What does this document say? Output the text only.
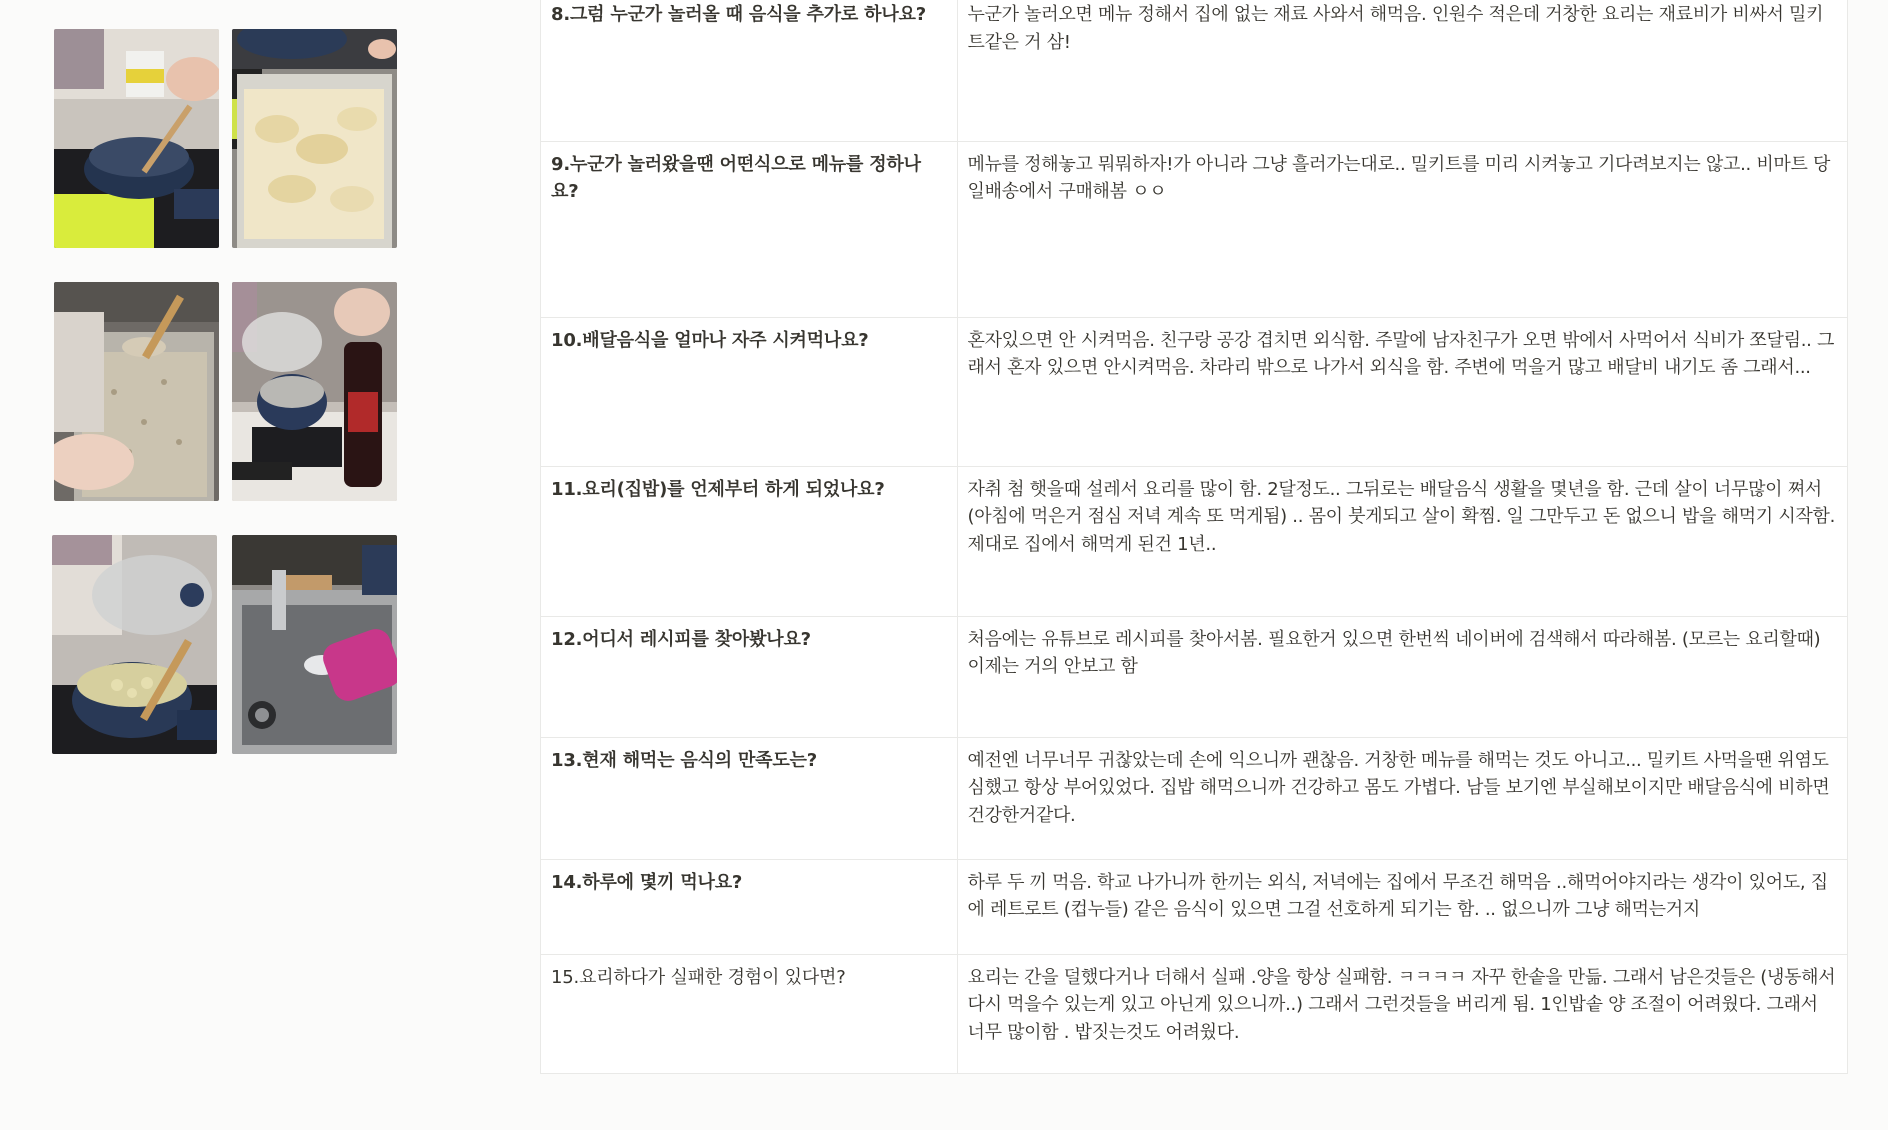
8.그럼 누군가 놀러올 때 음식을 추가로 하나요?	누군가 놀러오면 메뉴 정해서 집에 없는 재료 사와서 해먹음. 인원수 적은데 거창한 요리는 재료비가 비싸서 밀키트같은 거 삼!

9.누군가 놀러왔을땐 어떤식으로 메뉴를 정하나요?	메뉴를 정해놓고 뭐뭐하자!가 아니라 그냥 흘러가는대로.. 밀키트를 미리 시켜놓고 기다려보지는 않고.. 비마트 당일배송에서 구매해봄 ㅇㅇ

10.배달음식을 얼마나 자주 시켜먹나요?	혼자있으면 안 시켜먹음. 친구랑 공강 겹치면 외식함. 주말에 남자친구가 오면 밖에서 사먹어서 식비가 쪼달림.. 그래서 혼자 있으면 안시켜먹음. 차라리 밖으로 나가서 외식을 함. 주변에 먹을거 많고 배달비 내기도 좀 그래서...

11.요리(집밥)를 언제부터 하게 되었나요?	자취 첨 햇을때 설레서 요리를 많이 함. 2달정도.. 그뒤로는 배달음식 생활을 몇년을 함. 근데 살이 너무많이 쪄서 (아침에 먹은거 점심 저녁 계속 또 먹게됨) .. 몸이 붓게되고 살이 확찜. 일 그만두고 돈 없으니 밥을 해먹기 시작함. 제대로 집에서 해먹게 된건 1년..

12.어디서 레시피를 찾아봤나요?	처음에는 유튜브로 레시피를 찾아서봄. 필요한거 있으면 한번씩 네이버에 검색해서 따라해봄. (모르는 요리할때) 이제는 거의 안보고 함

13.현재 해먹는 음식의 만족도는?	예전엔 너무너무 귀찮았는데 손에 익으니까 괜찮음. 거창한 메뉴를 해먹는 것도 아니고... 밀키트 사먹을땐 위염도 심했고 항상 부어있었다. 집밥 해먹으니까 건강하고 몸도 가볍다. 남들 보기엔 부실해보이지만 배달음식에 비하면 건강한거같다.

14.하루에 몇끼 먹나요?	하루 두 끼 먹음. 학교 나가니까 한끼는 외식, 저녁에는 집에서 무조건 해먹음 ..해먹어야지라는 생각이 있어도, 집에 레트로트 (컵누들) 같은 음식이 있으면 그걸 선호하게 되기는 함. .. 없으니까 그냥 해먹는거지

15.요리하다가 실패한 경험이 있다면?	요리는 간을 덜했다거나 더해서 실패 .양을 항상 실패함. ㅋㅋㅋㅋ 자꾸 한솥을 만듦. 그래서 남은것들은 (냉동해서 다시 먹을수 있는게 있고 아닌게 있으니까..) 그래서 그런것들을 버리게 됨. 1인밥솥 양 조절이 어려웠다. 그래서 너무 많이함 . 밥짓는것도 어려웠다.
